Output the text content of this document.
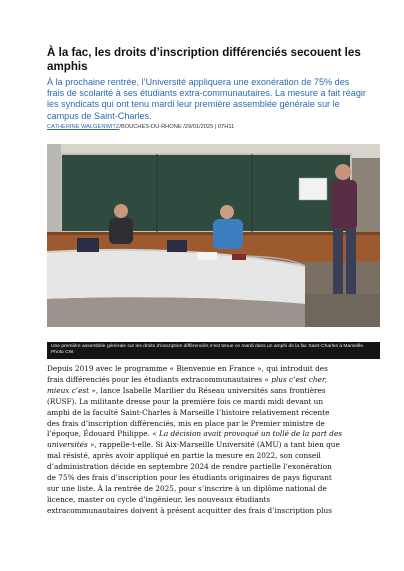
À la fac, les droits d’inscription différenciés secouent les amphis
À la prochaine rentrée, l’Université appliquera une exonération de 75% des frais de scolarité à ses étudiants extra-communautaires. La mesure a fait réagir les syndicats qui ont tenu mardi leur première assemblée générale sur le campus de Saint-Charles.
CATHERINE WALGENWITZ/BOUCHES-DU-RHONE /29/01/2025 | 07H11
Une première assemblée générale sur les droits d’inscription différenciés s’est tenue ce mardi dans un amphi de la fac Saint-Charles à Marseille. Photo CW.
Depuis 2019 avec le programme « Bienvenue en France », qui introduit des
frais différenciés pour les étudiants extracommunautaires « plus c’est cher,
mieux c’est », lance Isabelle Marilier du Réseau universités sans frontières
(RUSF). La militante dresse pour la première fois ce mardi midi devant un
amphi de la faculté Saint-Charles à Marseille l’histoire relativement récente
des frais d’inscription différenciés, mis en place par le Premier ministre de
l’époque, Édouard Philippe. « La décision avait provoqué un tollé de la part des
universités », rappelle-t-elle. Si Aix-Marseille Université (AMU) a tant bien que
mal résisté, après avoir appliqué en partie la mesure en 2022, son conseil
d’administration décide en septembre 2024 de rendre partielle l’exonération
de 75% des frais d’inscription pour les étudiants originaires de pays figurant
sur une liste. À la rentrée de 2025, pour s’inscrire à un diplôme national de
licence, master ou cycle d’ingénieur, les nouveaux étudiants
extracommunautaires doivent à présent acquitter des frais d’inscription plus
